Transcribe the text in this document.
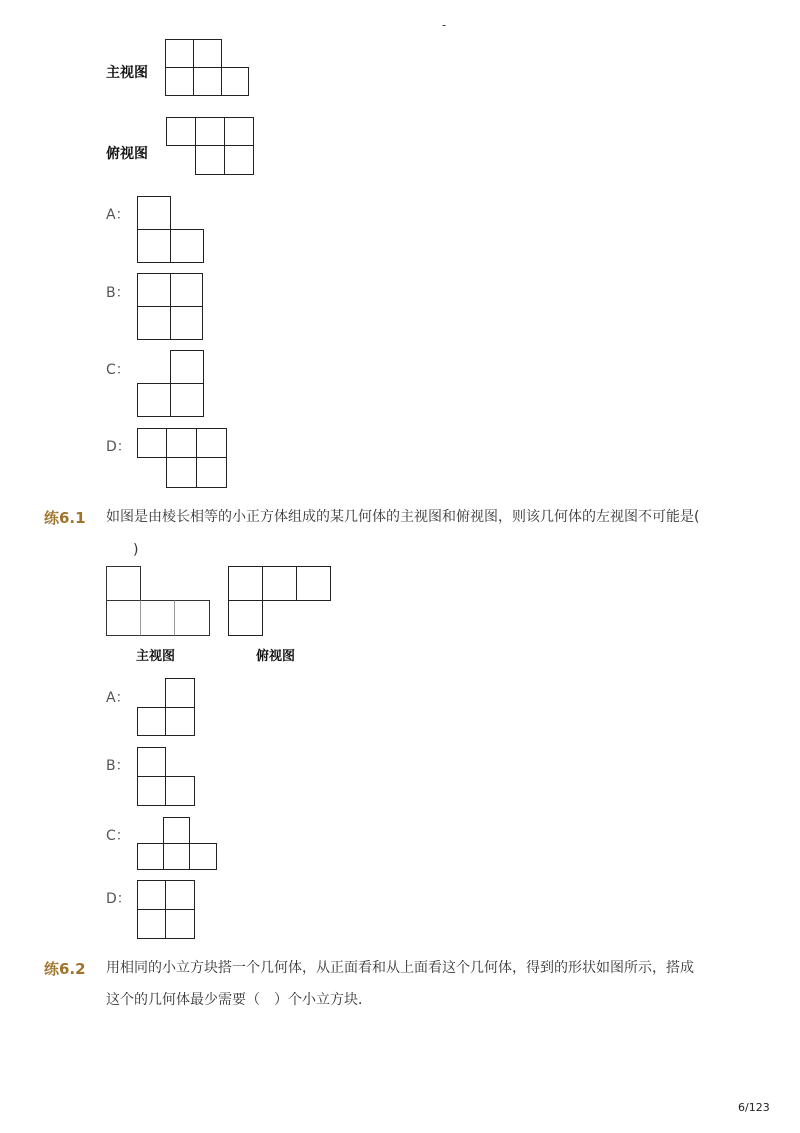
-
主视图
俯视图
A：
B：
C：
D：
练6.1 如图是由棱长相等的小正方体组成的某几何体的主视图和俯视图，则该几何体的左视图不可能是(
)
主视图	俯视图
A：
B：
C：
D：
练6.2 用相同的小立方块搭一个几何体，从正面看和从上面看这个几何体，得到的形状如图所示，搭成
这个的几何体最少需要（　）个小立方块．
6/123
